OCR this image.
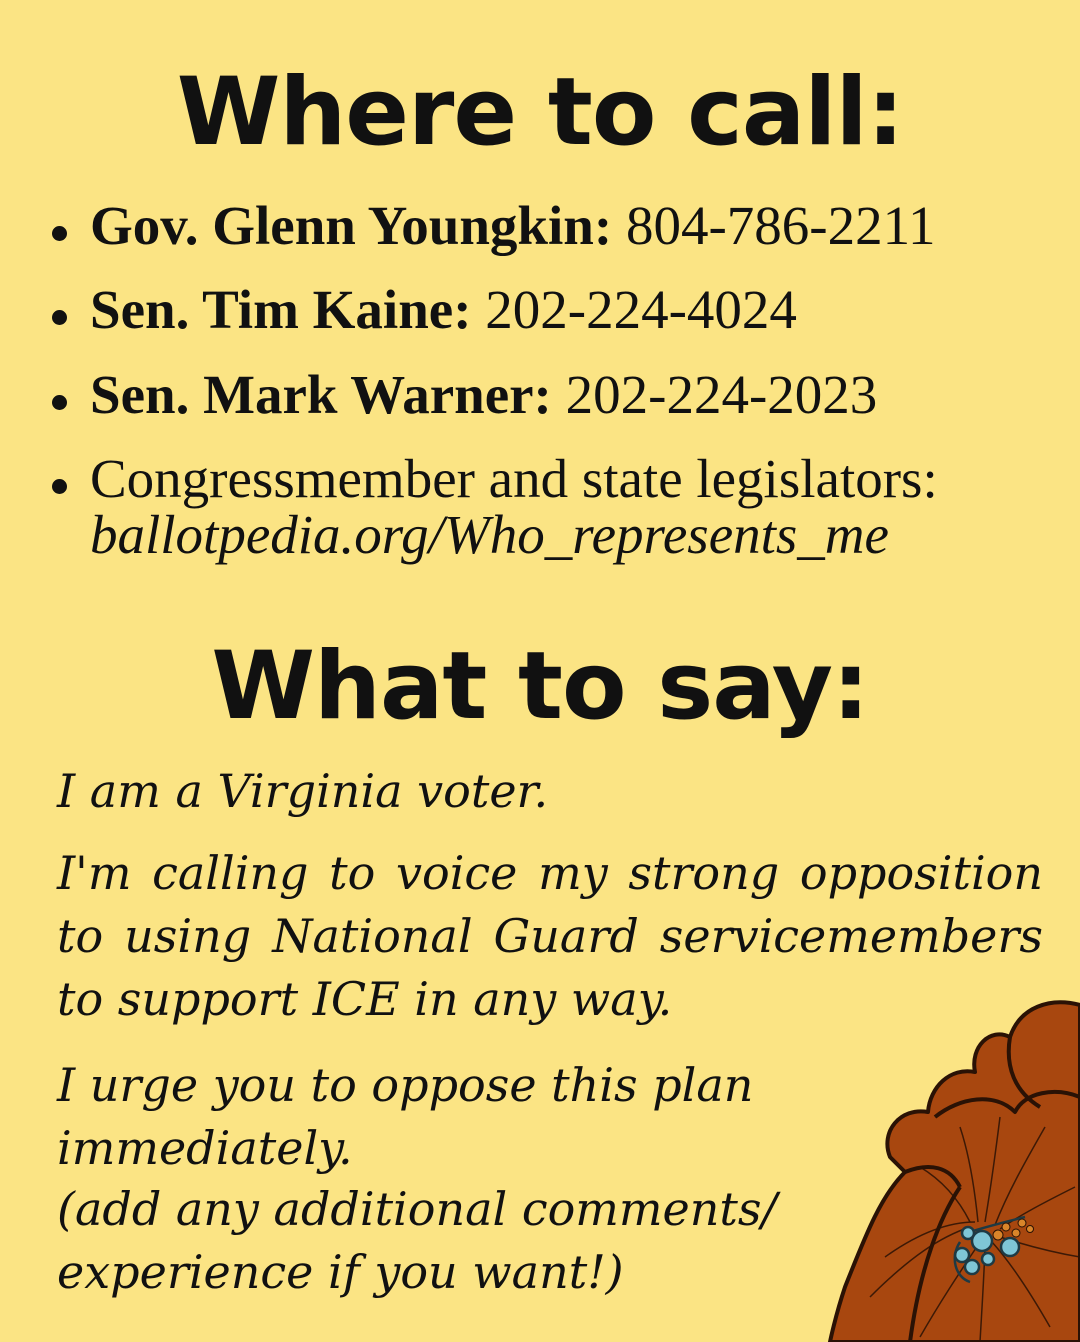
Where to call:
Gov. Glenn Youngkin: 804-786-2211
Sen. Tim Kaine: 202-224-4024
Sen. Mark Warner: 202-224-2023
Congressmember and state legislators:
ballotpedia.org/Who_represents_me
What to say:

I am a Virginia voter.

I'm calling to voice my strong opposition to using National Guard servicemembers to support ICE in any way.

I urge you to oppose this plan immediately.

(add any additional comments/ experience if you want!)
